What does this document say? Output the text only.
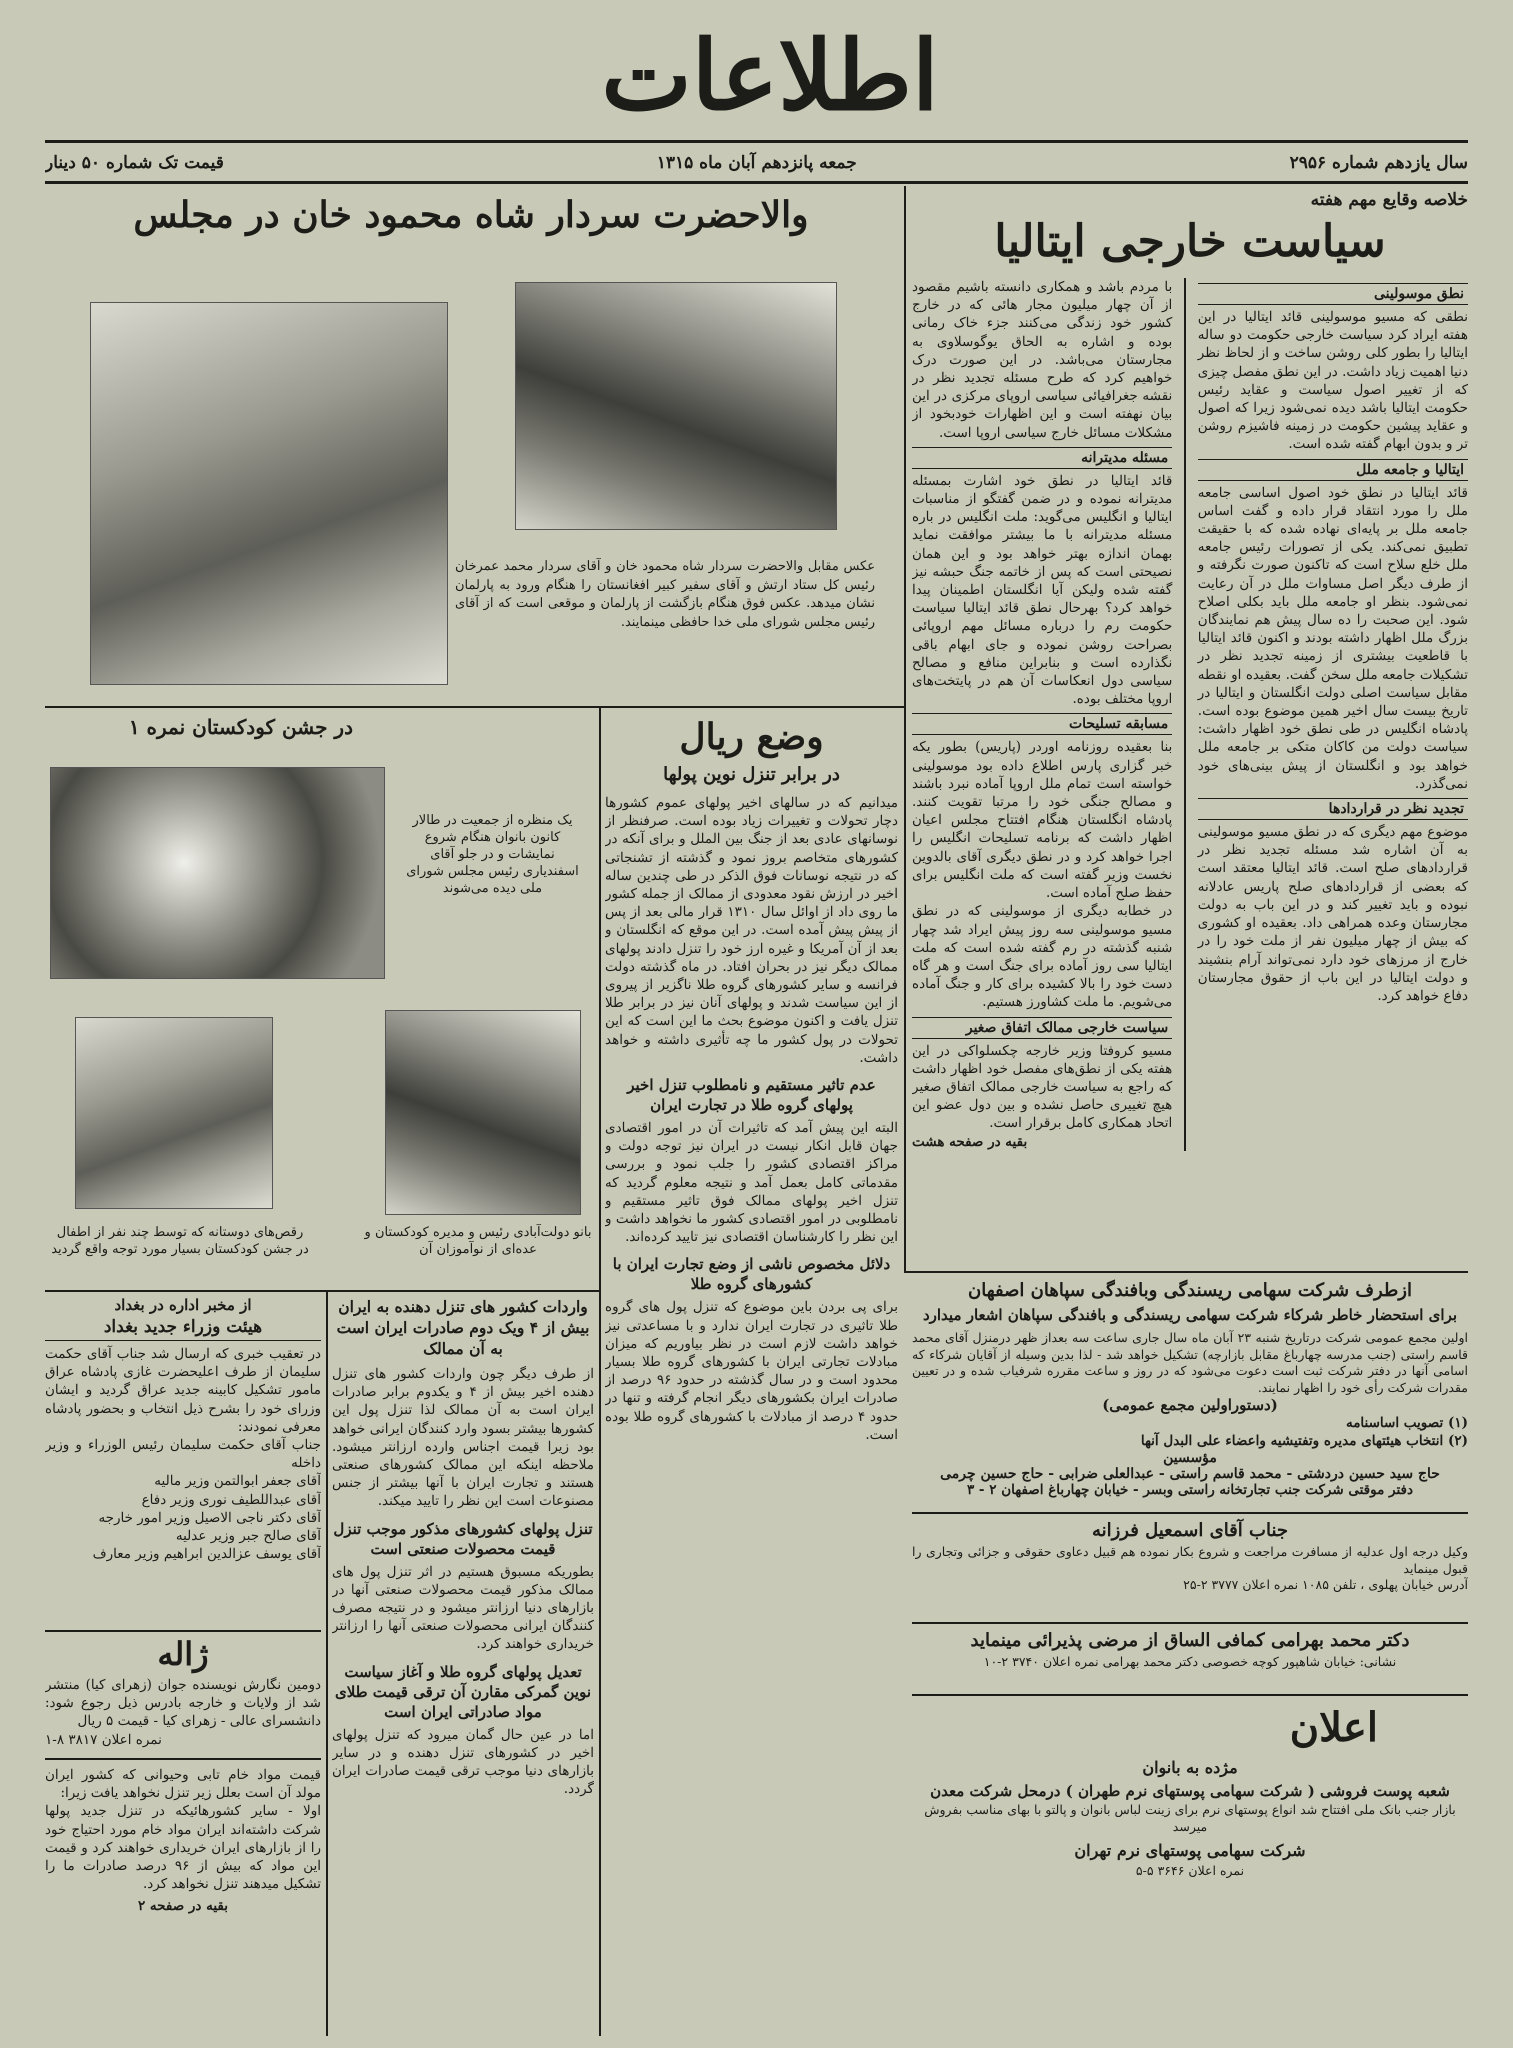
اطلاعات
سال یازدهم شماره ۲۹۵۶
جمعه پانزدهم آبان ماه ۱۳۱۵
قیمت تک شماره ۵۰ دینار
خلاصه وقایع مهم هفته
سیاست خارجی ایتالیا
نطق موسولینی
نطقی که مسیو موسولینی قائد ایتالیا در این هفته ایراد کرد سیاست خارجی حکومت دو ساله ایتالیا را بطور کلی روشن ساخت و از لحاظ نظر دنیا اهمیت زیاد داشت. در این نطق مفصل چیزی که از تغییر اصول سیاست و عقاید رئیس حکومت ایتالیا باشد دیده نمی‌شود زیرا که اصول و عقاید پیشین حکومت در زمینه فاشیزم روشن تر و بدون ابهام گفته شده است.
ایتالیا و جامعه ملل
قائد ایتالیا در نطق خود اصول اساسی جامعه ملل را مورد انتقاد قرار داده و گفت اساس جامعه ملل بر پایه‌ای نهاده شده که با حقیقت تطبیق نمی‌کند. یکی از تصورات رئیس جامعه ملل خلع سلاح است که تاکنون صورت نگرفته و از طرف دیگر اصل مساوات ملل در آن رعایت نمی‌شود. بنظر او جامعه ملل باید بکلی اصلاح شود. این صحبت را ده سال پیش هم نمایندگان بزرگ ملل اظهار داشته بودند و اکنون قائد ایتالیا با قاطعیت بیشتری از زمینه تجدید نظر در تشکیلات جامعه ملل سخن گفت. بعقیده او نقطه مقابل سیاست اصلی دولت انگلستان و ایتالیا در تاریخ بیست سال اخیر همین موضوع بوده است. پادشاه انگلیس در طی نطق خود اظهار داشت: سیاست دولت من کاکان متکی بر جامعه ملل خواهد بود و انگلستان از پیش بینی‌های خود نمی‌گذرد.
تجدید نظر در قراردادها
موضوع مهم دیگری که در نطق مسیو موسولینی به آن اشاره شد مسئله تجدید نظر در قراردادهای صلح است. قائد ایتالیا معتقد است که بعضی از قراردادهای صلح پاریس عادلانه نبوده و باید تغییر کند و در این باب به دولت مجارستان وعده همراهی داد. بعقیده او کشوری که بیش از چهار میلیون نفر از ملت خود را در خارج از مرزهای خود دارد نمی‌تواند آرام بنشیند و دولت ایتالیا در این باب از حقوق مجارستان دفاع خواهد کرد.
با مردم باشد و همکاری دانسته باشیم مقصود از آن چهار میلیون مجار هائی که در خارج کشور خود زندگی می‌کنند جزء خاک رمانی بوده و اشاره به الحاق یوگوسلاوی به مجارستان می‌باشد. در این صورت درک خواهیم کرد که طرح مسئله تجدید نظر در نقشه جغرافیائی سیاسی اروپای مرکزی در این بیان نهفته است و این اظهارات خودبخود از مشکلات مسائل خارج سیاسی اروپا است.
مسئله مدیترانه
قائد ایتالیا در نطق خود اشارت بمسئله مدیترانه نموده و در ضمن گفتگو از مناسبات ایتالیا و انگلیس می‌گوید: ملت انگلیس در باره مسئله مدیترانه با ما بیشتر موافقت نماید بهمان اندازه بهتر خواهد بود و این همان نصیحتی است که پس از خاتمه جنگ حبشه نیز گفته شده ولیکن آیا انگلستان اطمینان پیدا خواهد کرد؟ بهرحال نطق قائد ایتالیا سیاست حکومت رم را درباره مسائل مهم اروپائی بصراحت روشن نموده و جای ابهام باقی نگذارده است و بنابراین منافع و مصالح سیاسی دول انعکاسات آن هم در پایتخت‌های اروپا مختلف بوده.
مسابقه تسلیحات
بنا بعقیده روزنامه اوردر (پاریس) بطور یکه خبر گزاری پارس اطلاع داده بود موسولینی خواسته است تمام ملل اروپا آماده نبرد باشند و مصالح جنگی خود را مرتبا تقویت کنند. پادشاه انگلستان هنگام افتتاح مجلس اعیان اظهار داشت که برنامه تسلیحات انگلیس را اجرا خواهد کرد و در نطق دیگری آقای بالدوین نخست وزیر گفته است که ملت انگلیس برای حفظ صلح آماده است.
در خطابه دیگری از موسولینی که در نطق مسیو موسولینی سه روز پیش ایراد شد چهار شنبه گذشته در رم گفته شده است که ملت ایتالیا سی روز آماده برای جنگ است و هر گاه دست خود را بالا کشیده برای کار و جنگ آماده می‌شویم. ما ملت کشاورز هستیم.
سیاست خارجی ممالک اتفاق صغیر
مسیو کروفتا وزیر خارجه چکسلواکی در این هفته یکی از نطق‌های مفصل خود اظهار داشت که راجع به سیاست خارجی ممالک اتفاق صغیر هیچ تغییری حاصل نشده و بین دول عضو این اتحاد همکاری کامل برقرار است.
بقیه در صفحه هشت
والاحضرت سردار شاه محمود خان در مجلس
عکس مقابل والاحضرت سردار شاه محمود خان و آقای سردار محمد عمرخان رئیس کل ستاد ارتش و آقای سفیر کبیر افغانستان را هنگام ورود به پارلمان نشان میدهد. عکس فوق هنگام بازگشت از پارلمان و موقعی است که از آقای رئیس مجلس شورای ملی خدا حافظی مینمایند.
در جشن کودکستان نمره ۱
یک منظره از جمعیت در طالار کانون بانوان هنگام شروع نمایشات و در جلو آقای اسفندیاری رئیس مجلس شورای ملی دیده می‌شوند
بانو دولت‌آبادی رئیس و مدیره کودکستان و عده‌ای از نوآموزان آن
رقص‌های دوستانه که توسط چند نفر از اطفال در جشن کودکستان بسیار مورد توجه واقع گردید
وضع ریال
در برابر تنزل نوین پولها
میدانیم که در سالهای اخیر پولهای عموم کشورها دچار تحولات و تغییرات زیاد بوده است. صرفنظر از نوسانهای عادی بعد از جنگ بین الملل و برای آنکه در کشورهای متخاصم بروز نمود و گذشته از تشنجاتی که در نتیجه نوسانات فوق الذکر در طی چندین ساله اخیر در ارزش نقود معدودی از ممالک از جمله کشور ما روی داد از اوائل سال ۱۳۱۰ قرار مالی بعد از پس از پیش پیش آمده است. در این موقع که انگلستان و بعد از آن آمریکا و غیره ارز خود را تنزل دادند پولهای ممالک دیگر نیز در بحران افتاد. در ماه گذشته دولت فرانسه و سایر کشورهای گروه طلا ناگزیر از پیروی از این سیاست شدند و پولهای آنان نیز در برابر طلا تنزل یافت و اکنون موضوع بحث ما این است که این تحولات در پول کشور ما چه تأثیری داشته و خواهد داشت.
عدم تاثیر مستقیم و نامطلوب تنزل اخیر پولهای گروه طلا در تجارت ایران
البته این پیش آمد که تاثیرات آن در امور اقتصادی جهان قابل انکار نیست در ایران نیز توجه دولت و مراکز اقتصادی کشور را جلب نمود و بررسی مقدماتی کامل بعمل آمد و نتیجه معلوم گردید که تنزل اخیر پولهای ممالک فوق تاثیر مستقیم و نامطلوبی در امور اقتصادی کشور ما نخواهد داشت و این نظر را کارشناسان اقتصادی نیز تایید کرده‌اند.
دلائل مخصوص ناشی از وضع تجارت ایران با کشورهای گروه طلا
برای پی بردن باین موضوع که تنزل پول های گروه طلا تاثیری در تجارت ایران ندارد و با مساعدتی نیز خواهد داشت لازم است در نظر بیاوریم که میزان مبادلات تجارتی ایران با کشورهای گروه طلا بسیار محدود است و در سال گذشته در حدود ۹۶ درصد از صادرات ایران بکشورهای دیگر انجام گرفته و تنها در حدود ۴ درصد از مبادلات با کشورهای گروه طلا بوده است.
واردات کشور های تنزل دهنده به ایران بیش از ۴ ویک دوم صادرات ایران است به آن ممالک
از طرف دیگر چون واردات کشور های تنزل دهنده اخیر بیش از ۴ و یکدوم برابر صادرات ایران است به آن ممالک لذا تنزل پول این کشورها بیشتر بسود وارد کنندگان ایرانی خواهد بود زیرا قیمت اجناس وارده ارزانتر میشود. ملاحظه اینکه این ممالک کشورهای صنعتی هستند و تجارت ایران با آنها بیشتر از جنس مصنوعات است این نظر را تایید میکند.
تنزل پولهای کشورهای مذکور موجب تنزل قیمت محصولات صنعتی است
بطوریکه مسبوق هستیم در اثر تنزل پول های ممالک مذکور قیمت محصولات صنعتی آنها در بازارهای دنیا ارزانتر میشود و در نتیجه مصرف کنندگان ایرانی محصولات صنعتی آنها را ارزانتر خریداری خواهند کرد.
تعدیل پولهای گروه طلا و آغاز سیاست نوین گمرکی مقارن آن ترقی قیمت طلای مواد صادراتی ایران است
اما در عین حال گمان میرود که تنزل پولهای اخیر در کشورهای تنزل دهنده و در سایر بازارهای دنیا موجب ترقی قیمت صادرات ایران گردد.
از مخبر اداره در بغداد
هیئت وزراء جدید بغداد
در تعقیب خبری که ارسال شد جناب آقای حکمت سلیمان از طرف اعلیحضرت غازی پادشاه عراق مامور تشکیل کابینه جدید عراق گردید و ایشان وزرای خود را بشرح ذیل انتخاب و بحضور پادشاه معرفی نمودند:
جناب آقای حکمت سلیمان رئیس الوزراء و وزیر داخله
آقای جعفر ابوالتمن وزیر مالیه
آقای عبداللطیف نوری وزیر دفاع
آقای دکتر ناجی الاصیل وزیر امور خارجه
آقای صالح جبر وزیر عدلیه
آقای یوسف عزالدین ابراهیم وزیر معارف
ژاله
دومین نگارش نویسنده جوان (زهرای کیا) منتشر شد از ولایات و خارجه بادرس ذیل رجوع شود: دانشسرای عالی - زهرای کیا - قیمت ۵ ریال
نمره اعلان ۳۸۱۷ ۸-۱
قیمت مواد خام تابی وحیوانی که کشور ایران مولد آن است بعلل زیر تنزل نخواهد یافت زیرا:
اولا - سایر کشورهائیکه در تنزل جدید پولها شرکت داشته‌اند ایران مواد خام مورد احتیاج خود را از بازارهای ایران خریداری خواهند کرد و قیمت این مواد که بیش از ۹۶ درصد صادرات ما را تشکیل میدهند تنزل نخواهد کرد.
بقیه در صفحه ۲
ازطرف شرکت سهامی ریسندگی وبافندگی سپاهان اصفهان
برای استحضار خاطر شرکاء شرکت سهامی ریسندگی و بافندگی سپاهان اشعار میدارد
اولین مجمع عمومی شرکت درتاریخ شنبه ۲۳ آبان ماه سال جاری ساعت سه بعداز ظهر درمنزل آقای محمد قاسم راستی (جنب مدرسه چهارباغ مقابل بازارچه) تشکیل خواهد شد - لذا بدین وسیله از آقایان شرکاء که اسامی آنها در دفتر شرکت ثبت است دعوت می‌شود که در روز و ساعت مقرره شرفیاب شده و در تعیین مقدرات شرکت رأی خود را اظهار نمایند.
(دستوراولین مجمع عمومی)
(۱) تصویب اساسنامه
(۲) انتخاب هیئتهای مدیره وتفتیشیه واعضاء علی البدل آنها
مؤسسین
حاج سید حسین دردشتی - محمد قاسم راستی - عبدالعلی ضرابی - حاج حسین چرمی
دفتر موقتی شرکت جنب تجارتخانه راستی وبسر - خیابان چهارباغ اصفهان ۲ - ۳
جناب آقای اسمعیل فرزانه
وکیل درجه اول عدلیه از مسافرت مراجعت و شروع بکار نموده هم قبیل دعاوی حقوقی و جزائی وتجاری را قبول مینماید
آدرس خیابان پهلوی ، تلفن ۱۰۸۵ نمره اعلان ۳۷۷۷ ۲-۲۵
دکتر محمد بهرامی کمافی الساق از مرضی پذیرائی مینماید
نشانی: خیابان شاهپور کوچه خصوصی دکتر محمد بهرامی نمره اعلان ۳۷۴۰ ۲-۱۰
اعلان
مژده به بانوان
شعبه پوست فروشی ( شرکت سهامی پوستهای نرم طهران ) درمحل شرکت معدن
بازار جنب بانک ملی افتتاح شد انواع پوستهای نرم برای زینت لباس بانوان و پالتو با بهای مناسب بفروش میرسد
شرکت سهامی پوستهای نرم تهران
نمره اعلان ۳۶۴۶ ۵-۵
